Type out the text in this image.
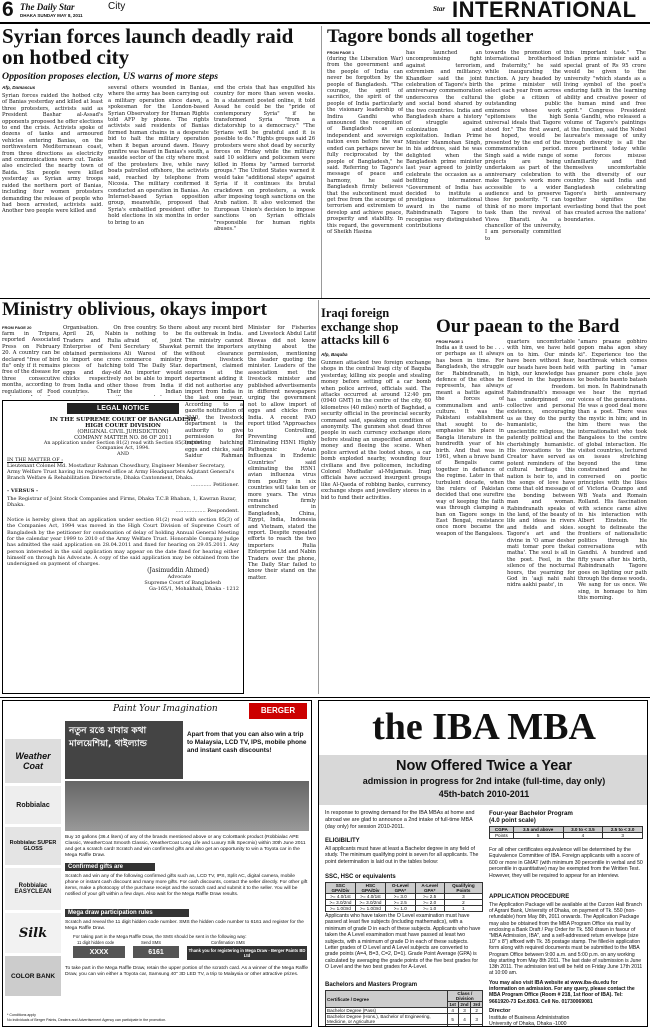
6 The Daily Star
DHAKA SUNDAY MAY 8, 2011
City	Star INTERNATIONAL
Syrian forces launch deadly raid on hotbed city
Opposition proposes election, US warns of more steps
Afp, Damascus
Syrian forces raided the hotbed city of Banias yesterday and killed at least three protesters, activists said as President Bashar al-Assad's opponents proposed he offer elections to end the crisis. Activists spoke of dozens of tanks and armoured vehicles entering Banias, on the northwestern Mediterranean coast, from three directions as electricity and communications were cut. Tanks also encircled the nearby town of Baida. Six people were killed yesterday as Syrian army troops raided the northern port of Banias, including four women protesters demanding the release of people who had been arrested, activists said. Another two people were killed and
several others wounded in Banias, where the army has been carrying out a military operation since dawn, a spokesman for the London-based Syrian Observatory for Human Rights told AFP by phone. The rights activists said residents of Banias formed human chains in a desperate bid to halt the military operation when it began around dawn. Heavy gunfire was heard in Banias's south, a seaside sector of the city where most of the protesters live, while navy boats patrolled offshore, the activists said, reached by telephone from Nicosia. The military confirmed it conducted an operation in Banias. An Internet-based Syrian opposition group, meanwhile, proposed that Syria's embattled president offer to hold elections in six months in order to bring to an
end the crisis that has engulfed his country for more than seven weeks. In a statement posted online, it told Assad he could be the "pride of contemporary Syria" if he transformed Syria "from a dictatorship to a democracy." "The Syrians will be grateful and it is possible to do." Rights groups said 26 protesters were shot dead by security forces on Friday while the military said 10 soldiers and policemen were killed in Homs by "armed terrorist groups." The United States warned it would take "additional steps" against Syria if it continues its brutal crackdown on protesters, a week after imposing tough sanctions on the Arab nation. It also welcomed the European Union's decision to impose sanctions on Syrian officials "responsible for human rights abuses."
Tagore bonds all together
FROM PAGE 1
(during the Liberation War) from the government and the people of India can never be forgotten by the people of Bangladesh. "The courage, the spirit of sacrifice, the spirit of the people of India particularly the visionary leadership of Indira Gandhi who announced the recognition of Bangladesh as an independent and sovereign nation even before the war ended can perhaps never be fully reciprocated by the people of Bangladesh," he said. Referring to Tagore's message of peace and harmony, he said Bangladesh firmly believes that the subcontinent must get free from the scourge of terrorism and extremism to develop and achieve peace, prosperity and stability. In this regard, the government of Sheikh Hasina
has launched an uncompromising fight against terrorism, extremism and militancy. Khandker said the joint celebration of Tagore's birth anniversary commemoration underscores the cultural and social bond shared by the two countries. India and Bangladesh share a history of struggle against colonization and exploitation. Indian Prime Minister Manmohan Singh, in his address, said he was delighted when the Bangladesh prime minister last year agreed to jointly celebrate the occasion as a befitting manner. "Government of India has decided to institute a prestigious international award in the name of Rabindranath Tagore to recognise very distinguished contributions
towards the promotion of international brotherhood and fraternity," he said while inaugurating the function. A jury headed by the prime minister will select each year from across the globe a citizen of outstanding public eminence whose work "epitomises the high universal ideals that Tagore stood for." The first award, he hoped, would be presented by the end of the commemoration period. Singh said a wide range of projects are being undertaken as part of the anniversary celebration to make Tagore's work more accessible to a wider audience and to preserve those for posterity. "I can think of no more important task than the revival of Visva Bharati. As a chancellor of the university, I am personally committed to
this important task." The Indian prime minister said a special grant of Rs 95 crore would be given to the university "which stands as a living symbol of the poet's enduring faith in the learning ability and creative power of the human mind and free spirit." Congress President Sonia Gandhi, who released a volume of Tagore's paintings at the function, said the Nobel laureate's message of unity through diversity is all the more pertinent today while some forces misuse unfamiliarity and find themselves uncomfortable with the diversity of our country. She said India and Bangladesh celebrating Tagore's birth anniversary together signifies the everlasting bond that the poet has created across the nations' boundaries.
Ministry oblivious, okays import
FROM PAGE 20
farm in Tripura, reported Associated Press on February 20. A country can be declared "free of bird flu" only if it remains free of the disease for three consecutive months, according to regulations of Food
Organisation. On April 26, Nabin Traders and Rulia Enterprise of Feni obtained permissions to import one crore pieces of hatching eggs and day-old chicks respectively from India and other countries. Their
free country. So there is nothing to be afraid of, joint Secretary Shawkat Ali Waresi of the commerce ministry told The Daily Star. An importer would not be able to import those from India if the Indian
about any recent bird flu outbreak in India. The ministry cannot permit the importers without clearance from livestock department, claimed sources at the department adding it did not authorise any import from India in the last one year. According to a gazette notification of 2010, the livestock department is the authority to give permission for importing hatching eggs and chicks, said Saidur Rahman
Minister for Fisheries and Livestock Abdul Latif Biswas did not know anything about the permission, mentioning the leader quoting the minister. Leaders of the association met the livestock minister and published advertisements in different newspapers urging the government not to allow import of eggs and chicks from India. A recent FAO report titled "Approaches to Controlling, Preventing and Eliminating H5N1 Highly Pathogenic Avian Influenza in Endemic Countries" said eliminating the H5N1 avian influenza virus from poultry in six countries will take ten or more years. The virus remains firmly entrenched in Bangladesh, China, Egypt, India, Indonesia and Vietnam, stated the report. Despite repeated efforts to reach the two importers Rulia Enterprise Ltd and Nabin Traders over the phone, The Daily Star failed to know their stand on the matter.
LEGAL NOTICE
IN THE SUPREME COURT OF BANGLADESH
HIGH COURT DIVISION
(ORIGINAL CIVIL JURISDICTION)
COMPANY MATTER NO. 86 OF 2011
An application under Section 81(2) read with Section 85(3)of the Companies Act, 1994.
AND
IN THE MATTER OF :
Lieutenant Colonel Md. Mostafizur Rahman Chowdhury, Engineer Member Secretary, Army Welfare Trust having its registered office at Army Headquarters Adjutant General's Branch Welfare & Rehabilitation Directorate, Dhaka Cantonment, Dhaka.
............. Petitioner.
- VERSUS -
The Registrar of Joint Stock Companies and Firms, Dhaka T.C.B Bhaban, 1, Kawran Bazar, Dhaka.
................... Respondent.
Notice is hereby given that an application under section 81(2) read with section 85(3) of the Companies Act, 1994 was moved in the High Court Division of Supreme Court of Bangladesh by the petitioner for condonation of delay of holding Annual General Meeting for the calendar year 1999 to 2010 of the Army Welfare Trust. Honorable Company Judge has admitted the said application on 28.04.2011 and fixed for hearing on 29.05.2011. Any person interested in the said application may appear on the date fixed for hearing either himself on through his Advocate. A copy of the said application may be obtained from the undersigned on payment of charges.
(Jasimuddin Ahmed)
Advocate
Supreme Court of Bangladesh
Ga-165/1, Mohakhali, Dhaka - 1212
Iraqi foreign exchange shop attacks kill 6
Afp, Baquba
Gunmen attacked two foreign exchange shops in the central Iraqi city of Baquba yesterday, killing six people and stealing money before setting off a car bomb when police arrived, officials said. The attacks occurred at around 12:40 pm (0940 GMT) in the centre of the city, 60 kilometres (40 miles) north of Baghdad, a security official in the provincial security command said, speaking on condition of anonymity. The gunmen shot dead three people in each currency exchange store before stealing an unspecified amount of money and fleeing the scene. When police arrived at the looted shops, a car bomb exploded nearby, wounding four civilians and five policemen, including Colonel Mudhafar al-Mujamaie. Iraqi officials have accused insurgent groups like Al-Qaeda of robbing banks, currency exchange shops and jewellery stores in a bid to fund their activities.
Our paean to the Bard
FROM PAGE 1
India as it used to be . . . or perhaps as it always has been in time. For Bangladesh, the struggle for Rabindranath, in defence of the ethos he represents, has always meant a battle against the forces of communalism and anti-culture. It was the Pakistani establishment that sought to de-emphasise his place in Bangla literature in the hundredth year of his birth. And that was in 1961, when a brave band of Bengalis came together in defiance of the regime. Later in that turbulent decade, when the rulers of Pakistan decided that one surefire way of keeping the faith was through clamping a ban on Tagore songs in East Bengal, resistance once more became the weapon of the Bangalees.
quarters uncomfortable with him, we have held on to him. Our minds have been without fear, our heads have been held high, our knowledge has flowed in the happiness of freedom. Rabindranath's message has underpinned our collective and personal existence, encouraging us as they do the purity humanistic, the unscientific religious, the patently political and the cherishingly humanistic. His invocations to the Creator have served as potent reminders of the cultural heritage this nation is heir to, and in the songs of love have come that old message of the bonding between man and woman. Rabindranath speaks of the land, of the beauty of life and ideas in rivers and fields and skies. Tagore's art and the divine in 'O amar desher mati tomar pore thekai matha'. The soul is all in the poet. Feel, in the silence of the nocturnal hours, the yearning for God in 'aaji nahi nahi nidra aakhi paate', in
"amaro praane gobhiro gopon maha agon shey ki". Experience too the heartbreak which comes with parting in "amar praaner pore chole jaye ke bosheite basnto batash tei mon. In Rabindranath we hear the myriad voices of the generations. He was a good deal more than a poet. There was the mystic in him; and in him there was the internationalist who took Bangalees to the centre of global interaction. He visited countries, lectured on issues stretching beyond the time constrained and he conversed on poetic principles with the likes of Victoria Ocampo and WB Yeats and Romain Rolland. His fascination with science came alive in his interaction with Albert Einstein. He sought to delineate the frontiers of nationalistic politics through his conversations with Gandhi. A hundred and fifty years after his birth, Rabindranath Tagore goes on lighting our path through the dense woods. We sang for us once. We sing, in homage to him this morning.
Paint Your Imagination	BERGER
Weather Coat
Robbialac
Robbialac SUPER GLOSS
Robbialac EASYCLEAN
Silk
COLOR BANK
নতুন রঙে যাবার কথা মালয়েশিয়া, থাইল্যান্ড
Apart from that you can also win a trip to Malaysia, LCD TV, IPS, mobile phone and instant cash discounts!
Buy 10 gallons (36.4 liters) of any of the brands mentioned above or any ColorBank product (Robbialac APE Classic, WeatherCoat Smooth Classic, WeatherCoat Long Life and Luxury Silk Specmix) within 30th June 2011 and get a scratch card! Scratch and win confirmed gifts and also get an opportunity to win a Toyota car in the Mega Raffle Draw.
Confirmed gifts are
Scratch and win any of the following confirmed gifts such as, LCD TV, IPS, Split AC, digital camera, mobile phone or instant cash discount and many more gifts. For cash discounts, contact the seller directly. For other gift items, make a photocopy of the purchase receipt and the scratch card and submit it to the seller. You will be notified of your gift within a few days. Also wait for the Mega Raffle Draw results.
Mega draw participation rules
Scratch and reveal the 11 digit hidden code number. SMS the hidden code number to 6161 and register for the Mega Raffle Draw.
For taking part in the Mega Raffle Draw, the SMS should be sent in the following way:
11 digit hidden code
XXXX
Send SMS
6161
Confirmation SMS
Thank you for registering in Mega Draw - Berger Paints BD Ltd
To take part in the Mega Raffle Draw, retain the upper portion of the scratch card. As a winner of the Mega Raffle Draw, you can win either a Toyota car, Samsung 40" 3D LED TV, a trip to Malaysia or other attractive prizes.
* Conditions apply
No individuals of Berger Paints, Dealers and Advertisement Agency can participate in the promotion.
the IBA MBA
Now Offered Twice a Year
admission in progress for 2nd intake (full-time, day only)
45th-batch 2010-2011
In response to growing demand for the IBA MBAs at home and abroad we are glad to announce a 2nd intake of full-time MBA (day only) for session 2010-2011.
ELIGIBILITY
All applicants must have at least a Bachelor degree in any field of study. The minimum qualifying point is seven for all applicants. The point determination is laid out in the tables below:
SSC, HSC or equivalents
SSC GPA/Div	HSC GPA/Div	O-Level GPA*	A-Level GPA*	Qualifying Points
>= 4.0/1st	>= 4.0/1st	>= 3.0	>= 2.5	3
>= 3.0/2nd	>= 3.0/2nd	>= 2.5	>= 2.0	2
>= 1.0/3rd	>= 1.0/3rd	>= 1.0	>= 1.0	1
Applicants who have taken the O Level examination must have passed at least five subjects (including mathematics), with a minimum of grade D in each of these subjects. Applicants who have taken the A Level examination must have passed at least two subjects, with a minimum of grade D in each of these subjects. Letter grades of O Level and A Level subjects are converted to grade points (A=4, B=3, C=2, D=1). Grade Point Average (GPA) is calculated by averaging the grade points of the five best grades for O Level and the two best grades for A-Level.
Bachelors and Masters Program
Certificate / Degree	Class / Division		
	1st	2nd	3rd
Bachelor Degree (Pass)	4	3	2
Bachelor Degree (Hons.), Bachelor of Engineering, Medicine, or Agriculture	5	4	3

Four-year Bachelor Program
(4.0 point scale)
CGPA	3.5 and above	3.0 to < 3.5	2.5 to < 3.0
Points	5	4	3
For all other certificates equivalence will be determined by the Equivalence Committee of IBA. Foreign applicants with a score of 600 or more in GMAT (with minimum 30 percentile in verbal and 50 percentile in quantitative) may be exempted from the Written Test. However, they will be required to appear for an interview.
APPLICATION PROCEDURE
The Application Package will be available at the Curzon Hall Branch of Agrani Bank, University of Dhaka, on payment of Tk. 550 (non-refundable) from May 8th, 2011 onwards. The Application Package may also be obtained from the MBA Program Office via mail by enclosing a Bank Draft / Pay Order for Tk. 550 drawn in favour of "MBA Admission, IBA", and a self-addressed return envelope (size 10" x 8") affixed with Tk. 35 postage stamp. The filled-in application form along with required documents must be submitted to the MBA Program Office between 9:00 a.m. and 5:00 p.m. on any working day starting from May 8th 2011. The last date of submission is June 13th 2011. The admission test will be held on Friday June 17th 2011 at 10:00 am.
You may also visit IBA website at www.iba-du.edu for information on admission. For any query, please contact the MBA Program Office (Room # 218, 1st floor of IBA). Tel: 9661920-73 Ext.8363. Cell No. 01730069081
Director
Institute of Business Administration
University of Dhaka, Dhaka -1000
